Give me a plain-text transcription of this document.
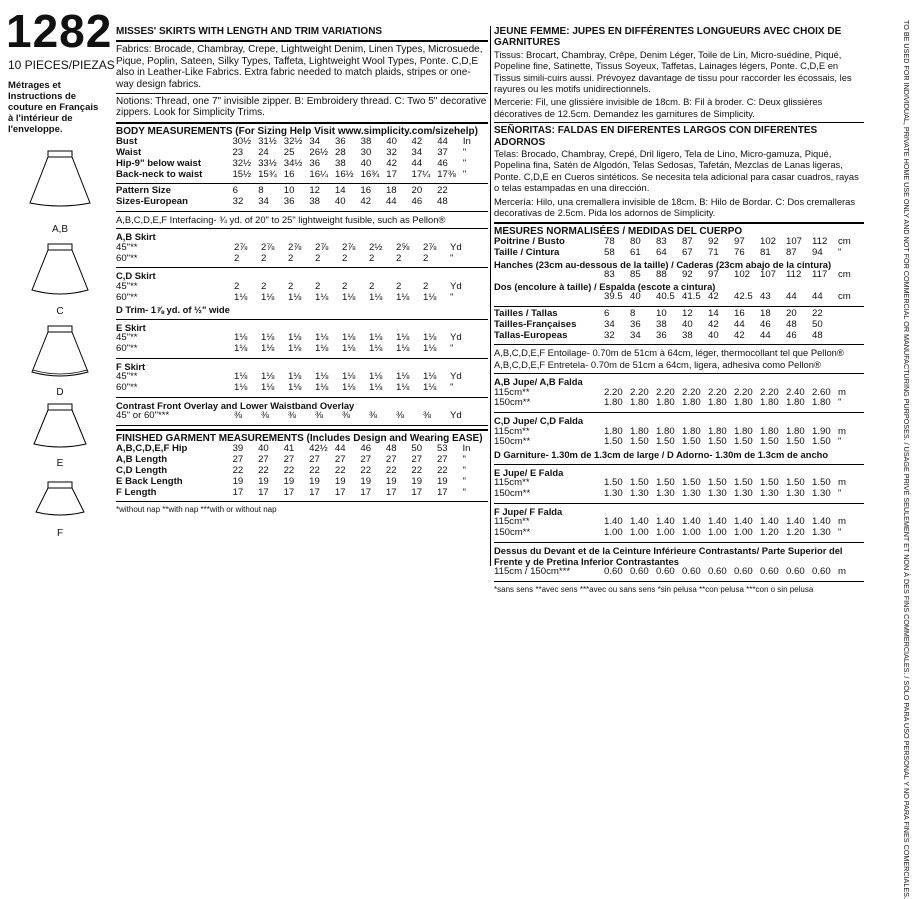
1282
10 PIECES/PIEZAS
Métrages et Instructions de couture en Français à l'intérieur de l'enveloppe.
A,B
C
D
E
F
MISSES' SKIRTS WITH LENGTH AND TRIM VARIATIONS
Fabrics: Brocade, Chambray, Crepe, Lightweight Denim, Linen Types, Microsuede, Pique, Poplin, Sateen, Silky Types, Taffeta, Lightweight Wool Types, Ponte. C,D,E also in Leather-Like Fabrics. Extra fabric needed to match plaids, stripes or one-way design fabrics.
Notions: Thread, one 7" invisible zipper. B: Embroidery thread. C: Two 5" decorative zippers. Look for Simplicity Trims.
BODY MEASUREMENTS (For Sizing Help Visit www.simplicity.com/sizehelp)
Bust	30½	31½	32½	34	36	38	40	42	44	In
Waist	23	24	25	26½	28	30	32	34	37	"
Hip-9" below waist	32½	33½	34½	36	38	40	42	44	46	"
Back-neck to waist	15½	15¾	16	16¼	16½	16¾	17	17¼	17⅜	"
Pattern Size	6	8	10	12	14	16	18	20	22	
Sizes-European	32	34	36	38	40	42	44	46	48	
A,B,C,D,E,F Interfacing- ¾ yd. of 20" to 25" lightweight fusible, such as Pellon®
A,B Skirt
45"**	2⅞	2⅞	2⅞	2⅞	2⅞	2½	2⅝	2⅞	Yd
60"**	2	2	2	2	2	2	2	2	"
C,D Skirt
45"**	2	2	2	2	2	2	2	2	Yd
60"**	1⅛	1⅛	1⅛	1⅛	1⅛	1⅛	1⅛	1⅛	"
D Trim- 1⅞ yd. of ½" wide
E Skirt
45"**	1⅛	1⅛	1⅛	1⅛	1⅛	1⅛	1⅛	1⅛	Yd
60"**	1⅛	1⅛	1⅛	1⅛	1⅛	1⅛	1⅛	1⅛	"
F Skirt
45"**	1⅛	1⅛	1⅛	1⅛	1⅛	1⅛	1⅛	1⅛	Yd
60"**	1⅛	1⅛	1⅛	1⅛	1⅛	1⅛	1⅛	1⅛	"
Contrast Front Overlay and Lower Waistband Overlay
45" or 60"***	⅜	⅜	⅜	⅜	⅜	⅜	⅜	⅜	Yd
FINISHED GARMENT MEASUREMENTS (Includes Design and Wearing EASE)
A,B,C,D,E,F Hip	39	40	41	42½	44	46	48	50	53	In
A,B Length	27	27	27	27	27	27	27	27	27	"
C,D Length	22	22	22	22	22	22	22	22	22	"
E Back Length	19	19	19	19	19	19	19	19	19	"
F Length	17	17	17	17	17	17	17	17	17	"
*without nap **with nap ***with or without nap
JEUNE FEMME: JUPES EN DIFFÉRENTES LONGUEURS AVEC CHOIX DE GARNITURES
Tissus: Brocart, Chambray, Crêpe, Denim Léger, Toile de Lin, Micro-suédine, Piqué, Popeline fine, Satinette, Tissus Soyeux, Taffetas, Lainages légers, Ponte. C,D,E en Tissus simili-cuirs aussi. Prévoyez davantage de tissu pour raccorder les écossais, les rayures ou les motifs unidirectionnels.
Mercerie: Fil, une glissière invisible de 18cm. B: Fil à broder. C: Deux glissières décoratives de 12.5cm. Demandez les garnitures de Simplicity.
SEÑORITAS: FALDAS EN DIFERENTES LARGOS CON DIFERENTES ADORNOS
Telas: Brocado, Chambray, Crepé, Dril ligero, Tela de Lino, Micro-gamuza, Piqué, Popelina fina, Satén de Algodón, Telas Sedosas, Tafetán, Mezclas de Lanas ligeras, Ponte. C,D,E en Cueros sintéticos. Se necesita tela adicional para casar cuadros, rayas o telas estampadas en una dirección.
Mercería: Hilo, una cremallera invisible de 18cm. B: Hilo de Bordar. C: Dos cremalleras decorativas de 2.5cm. Pida los adornos de Simplicity.
MESURES NORMALISÉES / MEDIDAS DEL CUERPO
Poitrine / Busto	78	80	83	87	92	97	102	107	112	cm
Taille / Cintura	58	61	64	67	71	76	81	87	94	"
Hanches (23cm au-dessous de la taille) / Caderas (23cm abajo de la cintura)
	83	85	88	92	97	102	107	112	117	cm
Dos (encolure à taille) / Espalda (escote a cintura)
	39.5	40	40.5	41.5	42	42.5	43	44	44	cm
Tailles / Tallas	6	8	10	12	14	16	18	20	22
Tailles-Françaises	34	36	38	40	42	44	46	48	50
Tallas-Europeas	32	34	36	38	40	42	44	46	48
A,B,C,D,E,F Entoilage- 0.70m de 51cm à 64cm, léger, thermocollant tel que Pellon®
A,B,C,D,E,F Entretela- 0.70m de 51cm a 64cm, ligera, adhesiva como Pellon®
A,B Jupe/ A,B Falda
115cm**	2.20	2.20	2.20	2.20	2.20	2.20	2.20	2.40	2.60	m
150cm**	1.80	1.80	1.80	1.80	1.80	1.80	1.80	1.80	1.80	"
C,D Jupe/ C,D Falda
115cm**	1.80	1.80	1.80	1.80	1.80	1.80	1.80	1.80	1.90	m
150cm**	1.50	1.50	1.50	1.50	1.50	1.50	1.50	1.50	1.50	"
D Garniture- 1.30m de 1.3cm de large / D Adorno- 1.30m de 1.3cm de ancho
E Jupe/ E Falda
115cm**	1.50	1.50	1.50	1.50	1.50	1.50	1.50	1.50	1.50	m
150cm**	1.30	1.30	1.30	1.30	1.30	1.30	1.30	1.30	1.30	"
F Jupe/ F Falda
115cm**	1.40	1.40	1.40	1.40	1.40	1.40	1.40	1.40	1.40	m
150cm**	1.00	1.00	1.00	1.00	1.00	1.00	1.20	1.20	1.30	"
Dessus du Devant et de la Ceinture Inférieure Contrastants/ Parte Superior del Frente y de Pretina Inferior Contrastantes
115cm / 150cm***	0.60	0.60	0.60	0.60	0.60	0.60	0.60	0.60	0.60	m
*sans sens **avec sens ***avec ou sans sens *sin pelusa **con pelusa ***con o sin pelusa	TO BE USED FOR INDIVIDUAL, PRIVATE HOME USE ONLY AND NOT FOR COMMERCIAL OR MANUFACTURING PURPOSES. / USAGE PRIVÉ SEULEMENT ET NON À DES FINS COMMERCIALES. / SÓLO PARA USO PERSONAL Y NO PARA FINES COMERCIALES.
